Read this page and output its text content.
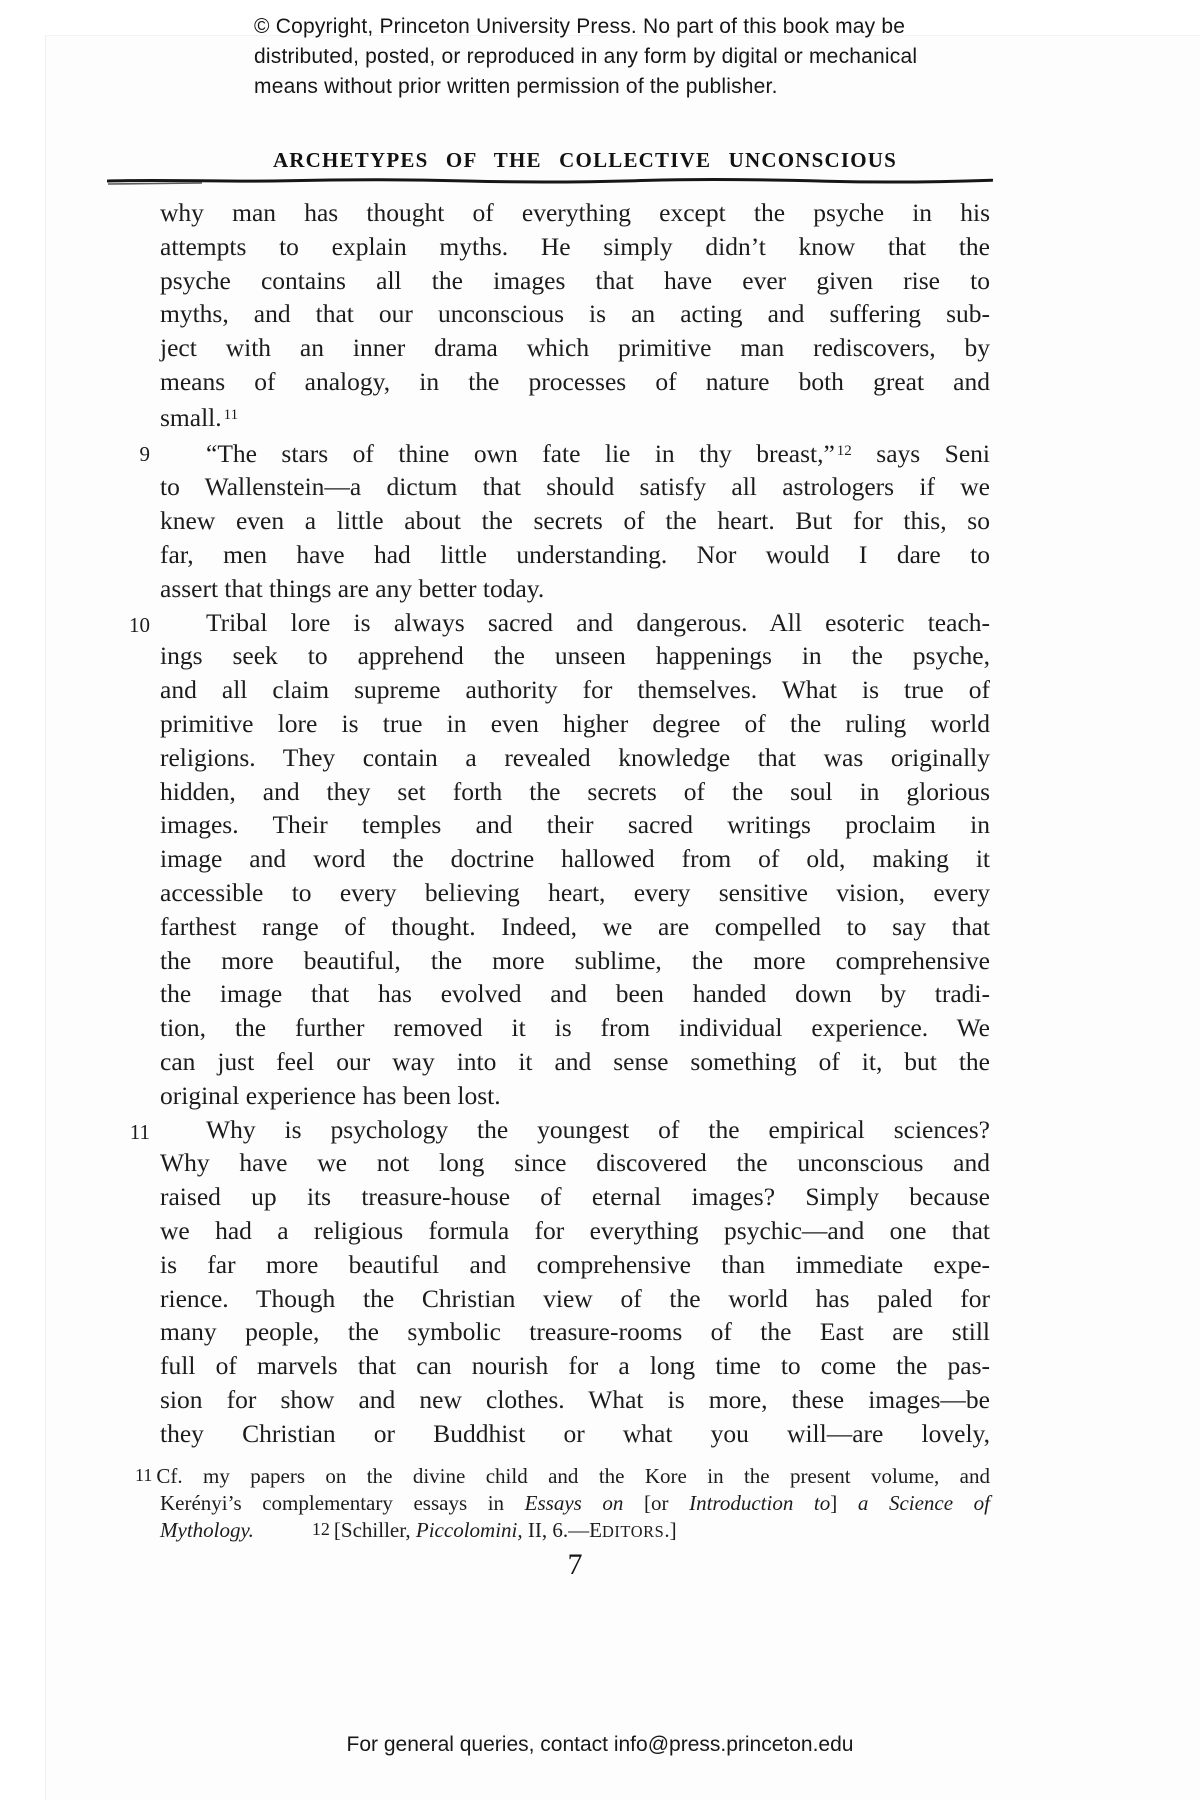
© Copyright, Princeton University Press. No part of this book may be
distributed, posted, or reproduced in any form by digital or mechanical
means without prior written permission of the publisher.
ARCHETYPES OF THE COLLECTIVE UNCONSCIOUS
why man has thought of everything except the psyche in his
attempts to explain myths. He simply didn’t know that the
psyche contains all the images that have ever given rise to
myths, and that our unconscious is an acting and suffering sub-
ject with an inner drama which primitive man rediscovers, by
means of analogy, in the processes of nature both great and
small. $^{11}$
9	“The stars of thine own fate lie in thy breast,” $^{12}$ says Seni
to Wallenstein—a dictum that should satisfy all astrologers if we
knew even a little about the secrets of the heart. But for this, so
far, men have had little understanding. Nor would I dare to
assert that things are any better today.
10	Tribal lore is always sacred and dangerous. All esoteric teach-
ings seek to apprehend the unseen happenings in the psyche,
and all claim supreme authority for themselves. What is true of
primitive lore is true in even higher degree of the ruling world
religions. They contain a revealed knowledge that was originally
hidden, and they set forth the secrets of the soul in glorious
images. Their temples and their sacred writings proclaim in
image and word the doctrine hallowed from of old, making it
accessible to every believing heart, every sensitive vision, every
farthest range of thought. Indeed, we are compelled to say that
the more beautiful, the more sublime, the more comprehensive
the image that has evolved and been handed down by tradi-
tion, the further removed it is from individual experience. We
can just feel our way into it and sense something of it, but the
original experience has been lost.
11	Why is psychology the youngest of the empirical sciences?
Why have we not long since discovered the unconscious and
raised up its treasure-house of eternal images? Simply because
we had a religious formula for everything psychic—and one that
is far more beautiful and comprehensive than immediate expe-
rience. Though the Christian view of the world has paled for
many people, the symbolic treasure-rooms of the East are still
full of marvels that can nourish for a long time to come the pas-
sion for show and new clothes. What is more, these images—be
they Christian or Buddhist or what you will—are lovely,
11 Cf. my papers on the divine child and the Kore in the present volume, and
Kerényi’s complementary essays in Essays on [or Introduction to] a Science of
Mythology.	12 [Schiller, Piccolomini, II, 6.—EDITORS.]
7
For general queries, contact info@press.princeton.edu
